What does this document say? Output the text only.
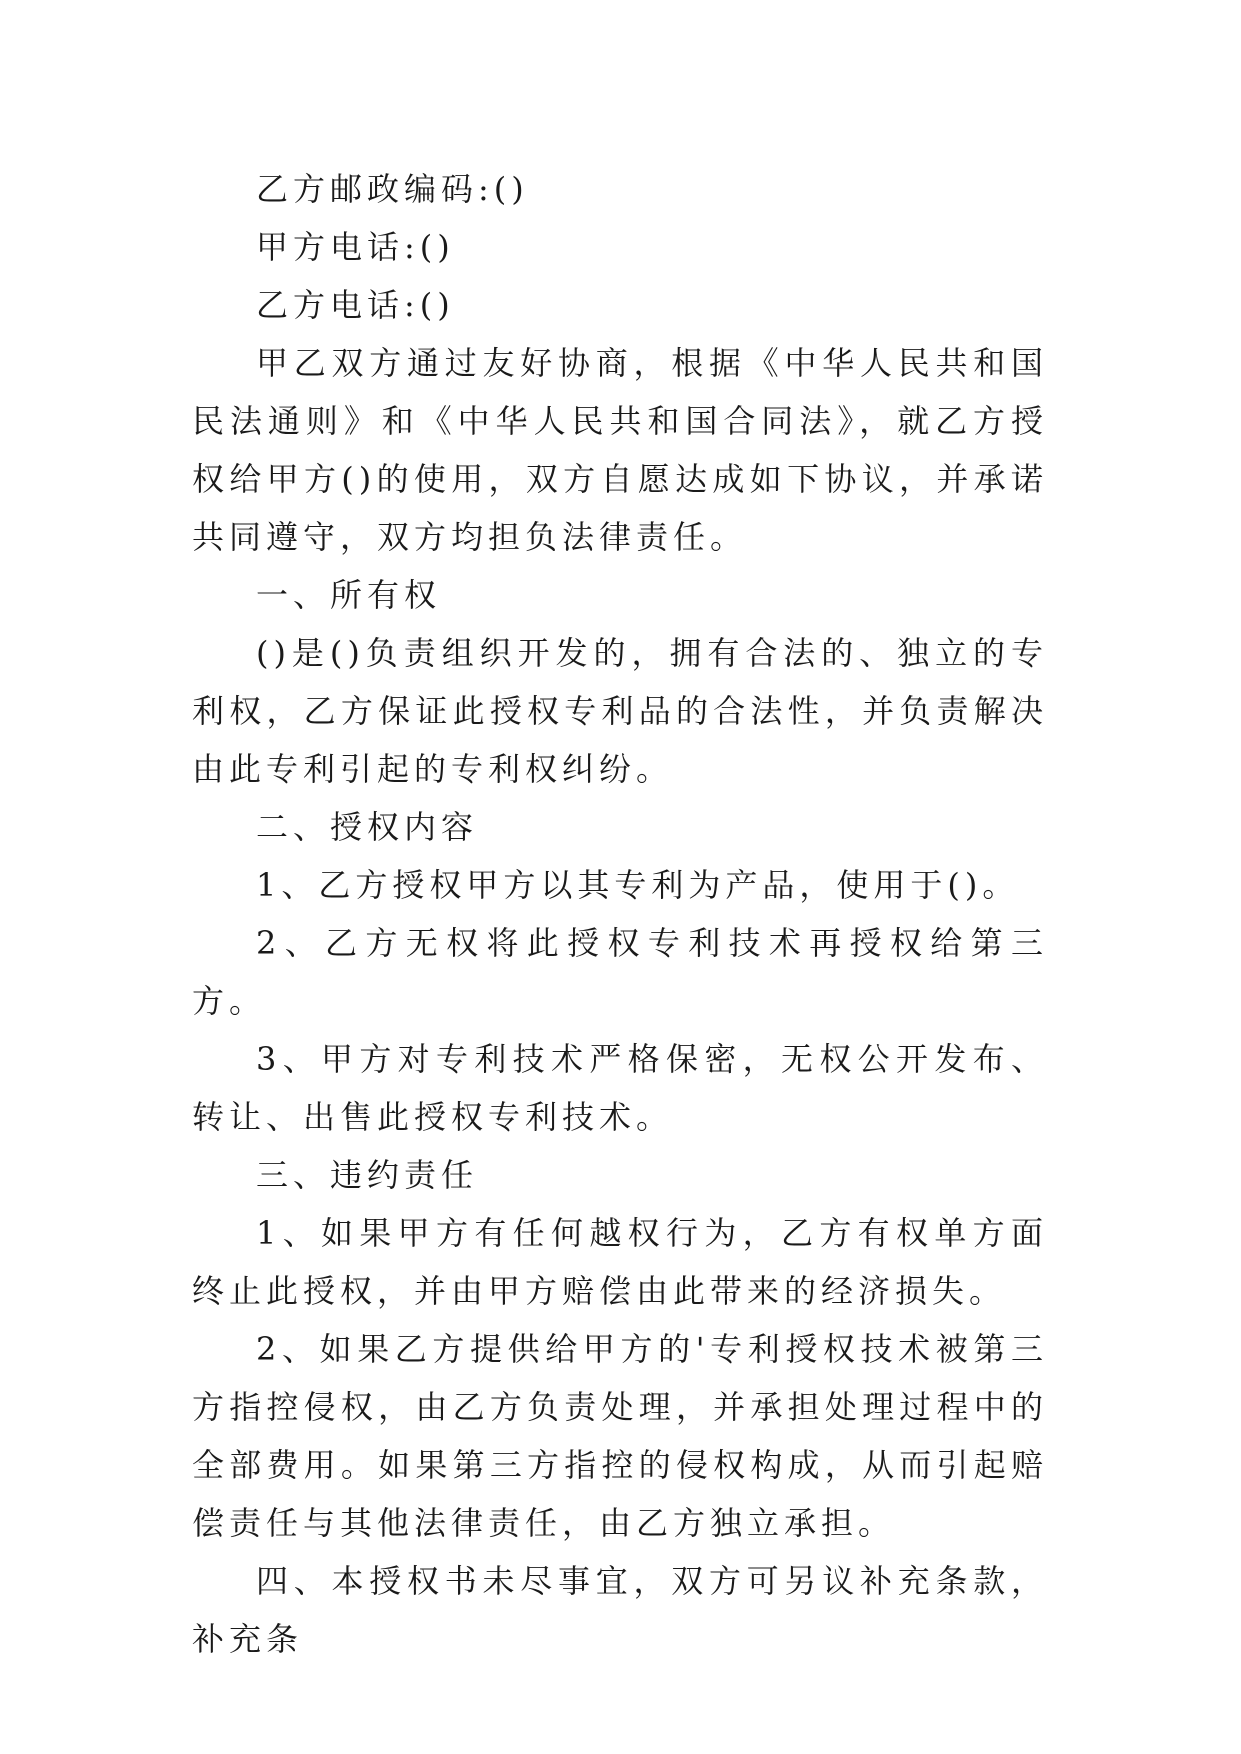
乙方邮政编码:()

甲方电话:()

乙方电话:()

甲乙双方通过友好协商，根据《中华人民共和国民法通则》和《中华人民共和国合同法》，就乙方授权给甲方()的使用，双方自愿达成如下协议，并承诺共同遵守，双方均担负法律责任。

一、所有权

()是()负责组织开发的，拥有合法的、独立的专利权，乙方保证此授权专利品的合法性，并负责解决由此专利引起的专利权纠纷。

二、授权内容

1、乙方授权甲方以其专利为产品，使用于()。

2、乙方无权将此授权专利技术再授权给第三方。

3、甲方对专利技术严格保密，无权公开发布、转让、出售此授权专利技术。

三、违约责任

1、如果甲方有任何越权行为，乙方有权单方面终止此授权，并由甲方赔偿由此带来的经济损失。

2、如果乙方提供给甲方的'专利授权技术被第三方指控侵权，由乙方负责处理，并承担处理过程中的全部费用。如果第三方指控的侵权构成，从而引起赔偿责任与其他法律责任，由乙方独立承担。

四、本授权书未尽事宜，双方可另议补充条款，补充条
